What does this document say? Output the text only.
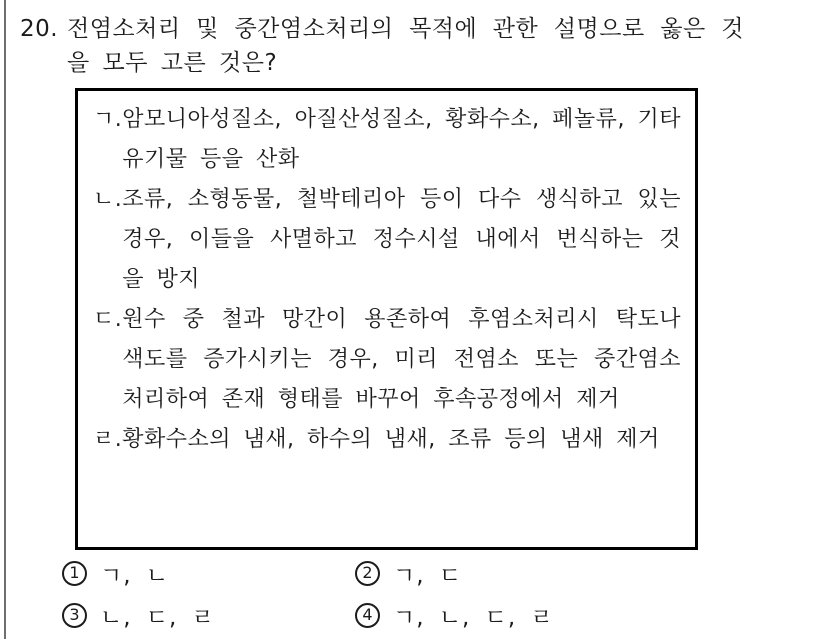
20. 전염소처리 및 중간염소처리의 목적에 관한 설명으로 옳은 것을 모두 고른 것은?
ㄱ. 암모니아성질소, 아질산성질소, 황화수소, 페놀류, 기타 유기물 등을 산화
ㄴ. 조류, 소형동물, 철박테리아 등이 다수 생식하고 있는 경우, 이들을 사멸하고 정수시설 내에서 번식하는 것을 방지
ㄷ. 원수 중 철과 망간이 용존하여 후염소처리시 탁도나 색도를 증가시키는 경우, 미리 전염소 또는 중간염소처리하여 존재 형태를 바꾸어 후속공정에서 제거
ㄹ. 황화수소의 냄새, 하수의 냄새, 조류 등의 냄새 제거
1 ㄱ, ㄴ	2 ㄱ, ㄷ
3 ㄴ, ㄷ, ㄹ	4 ㄱ, ㄴ, ㄷ, ㄹ
